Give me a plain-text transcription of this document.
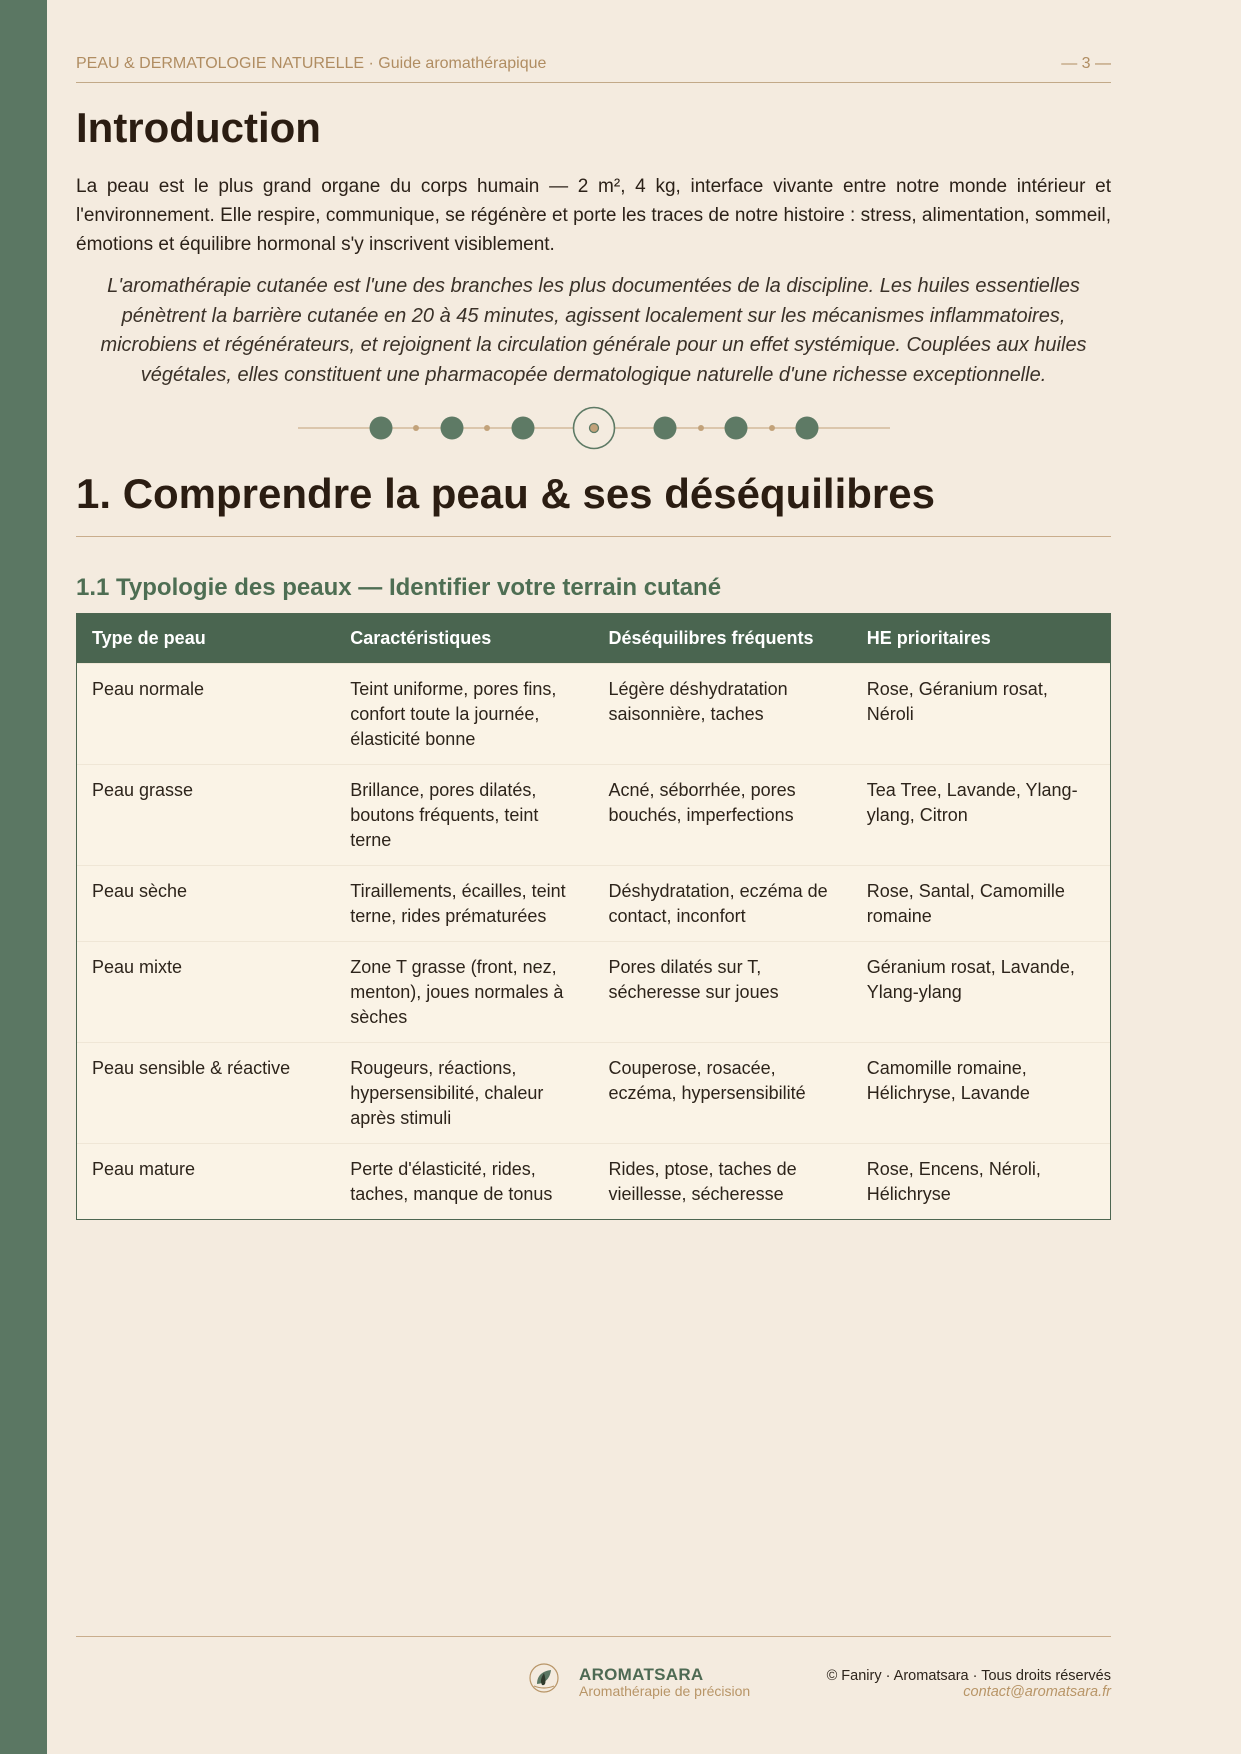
PEAU & DERMATOLOGIE NATURELLE · Guide aromathérapique	— 3 —
Introduction

La peau est le plus grand organe du corps humain — 2 m², 4 kg, interface vivante entre notre monde intérieur et l'environnement. Elle respire, communique, se régénère et porte les traces de notre histoire : stress, alimentation, sommeil, émotions et équilibre hormonal s'y inscrivent visiblement.

L'aromathérapie cutanée est l'une des branches les plus documentées de la discipline. Les huiles essentielles pénètrent la barrière cutanée en 20 à 45 minutes, agissent localement sur les mécanismes inflammatoires, microbiens et régénérateurs, et rejoignent la circulation générale pour un effet systémique. Couplées aux huiles végétales, elles constituent une pharmacopée dermatologique naturelle d'une richesse exceptionnelle.

1. Comprendre la peau & ses déséquilibres
1.1 Typologie des peaux — Identifier votre terrain cutané
Type de peau	Caractéristiques	Déséquilibres fréquents	HE prioritaires
Peau normale	Teint uniforme, pores fins, confort toute la journée, élasticité bonne	Légère déshydratation saisonnière, taches	Rose, Géranium rosat, Néroli
Peau grasse	Brillance, pores dilatés, boutons fréquents, teint terne	Acné, séborrhée, pores bouchés, imperfections	Tea Tree, Lavande, Ylang-ylang, Citron
Peau sèche	Tiraillements, écailles, teint terne, rides prématurées	Déshydratation, eczéma de contact, inconfort	Rose, Santal, Camomille romaine
Peau mixte	Zone T grasse (front, nez, menton), joues normales à sèches	Pores dilatés sur T, sécheresse sur joues	Géranium rosat, Lavande, Ylang-ylang
Peau sensible & réactive	Rougeurs, réactions, hypersensibilité, chaleur après stimuli	Couperose, rosacée, eczéma, hypersensibilité	Camomille romaine, Hélichryse, Lavande
Peau mature	Perte d'élasticité, rides, taches, manque de tonus	Rides, ptose, taches de vieillesse, sécheresse	Rose, Encens, Néroli, Hélichryse
AROMATSARA
Aromathérapie de précision
© Faniry · Aromatsara · Tous droits réservés
contact@aromatsara.fr
